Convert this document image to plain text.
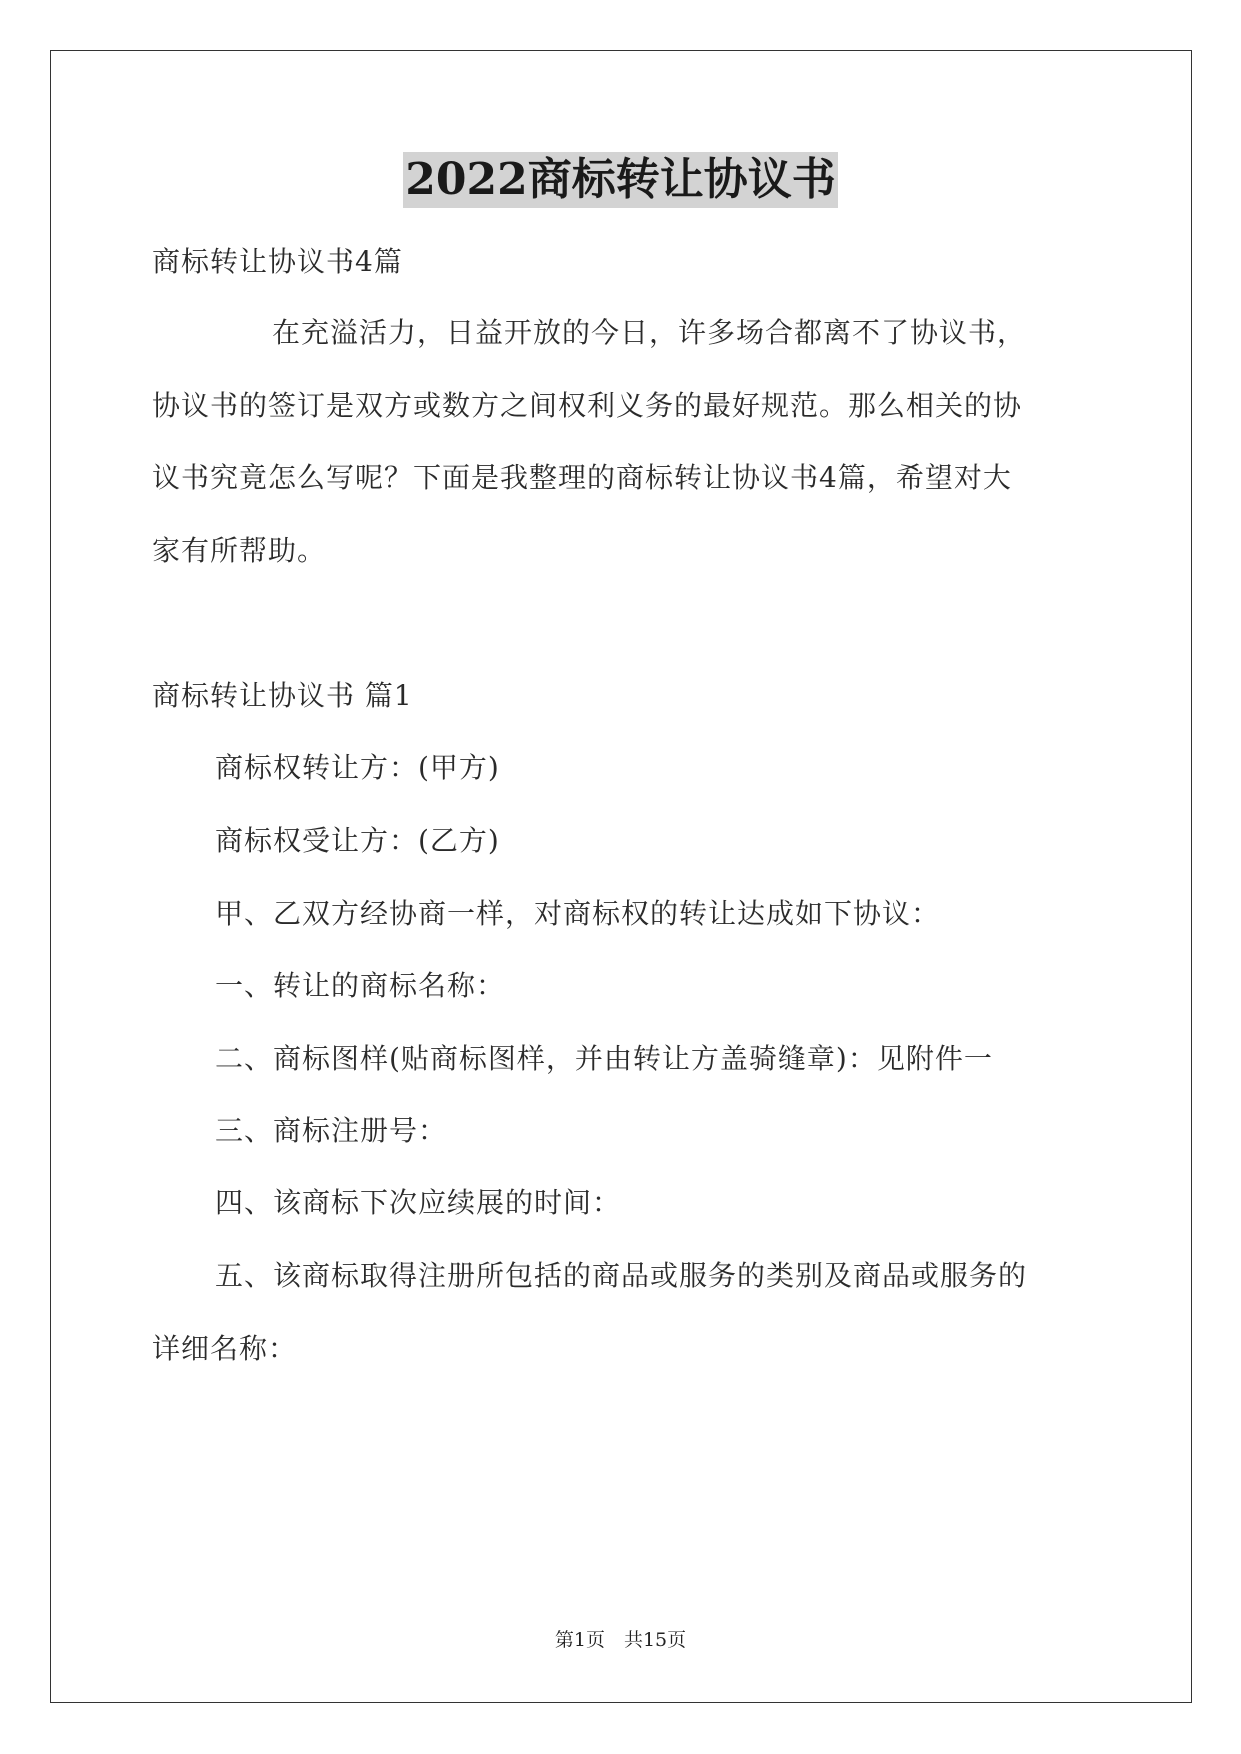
2022商标转让协议书
商标转让协议书4篇
在充溢活力，日益开放的今日，许多场合都离不了协议书，
协议书的签订是双方或数方之间权利义务的最好规范。那么相关的协
议书究竟怎么写呢？下面是我整理的商标转让协议书4篇，希望对大
家有所帮助。
商标转让协议书 篇1
商标权转让方：(甲方)
商标权受让方：(乙方)
甲、乙双方经协商一样，对商标权的转让达成如下协议：
一、转让的商标名称：
二、商标图样(贴商标图样，并由转让方盖骑缝章)：见附件一
三、商标注册号：
四、该商标下次应续展的时间：
五、该商标取得注册所包括的商品或服务的类别及商品或服务的
详细名称：
第1页　共15页
